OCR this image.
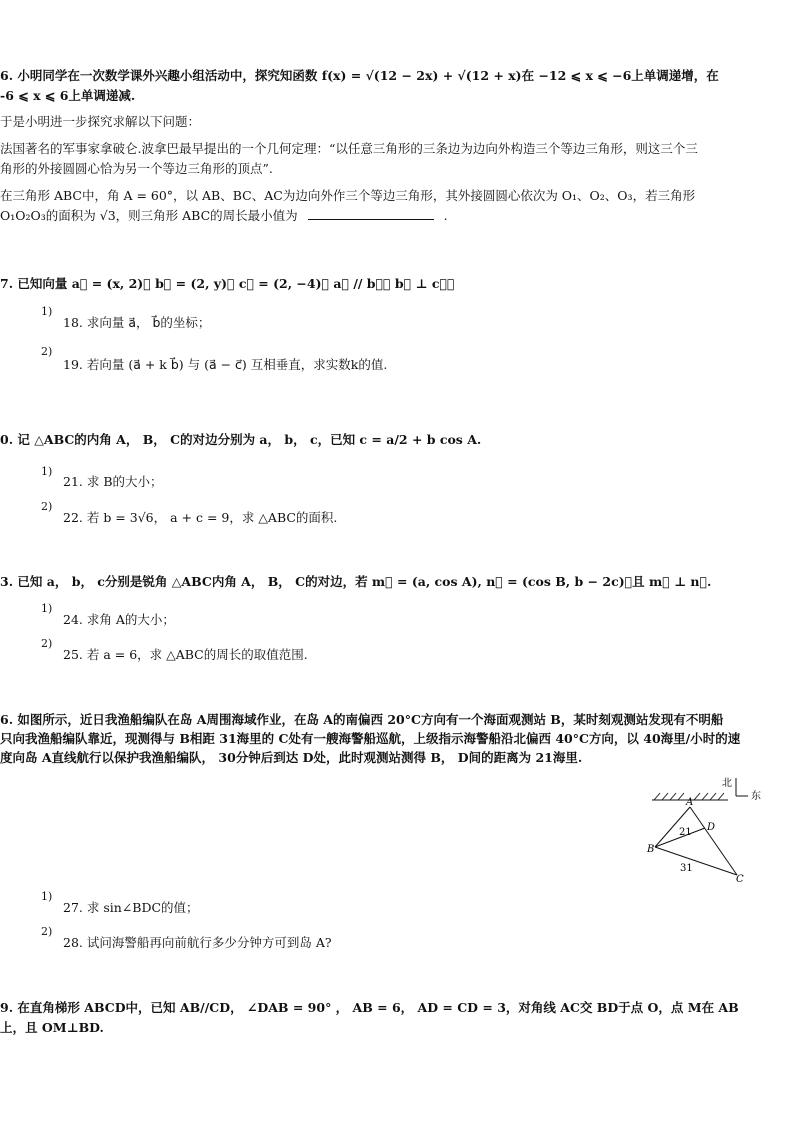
6. 小明同学在一次数学课外兴趣小组活动中，探究知函数 f(x) = √(12 − 2x) + √(12 + x)在 −12 ⩽ x ⩽ −6上单调递增，在
-6 ⩽ x ⩽ 6上单调递减.
于是小明进一步探究求解以下问题：
法国著名的军事家拿破仑.波拿巴最早提出的一个几何定理：“以任意三角形的三条边为边向外构造三个等边三角形，则这三个三
角形的外接圆圆心恰为另一个等边三角形的顶点”.
在三角形 ABC中，角 A = 60°，以 AB、BC、AC为边向外作三个等边三角形，其外接圆圆心依次为 O₁、O₂、O₃，若三角形
O₁O₂O₃的面积为 √3，则三角形 ABC的周长最小值为	.
7. 已知向量 a⃗ = (x, 2)， b⃗ = (2, y)， c⃗ = (2, −4)， a⃗ // b⃗， b⃗ ⊥ c⃗，
1)
18. 求向量 a⃗， b⃗的坐标；
2)
19. 若向量 (a⃗ + k b⃗) 与 (a⃗ − c⃗) 互相垂直，求实数k的值.
0. 记 △ABC的内角 A， B， C的对边分别为 a， b， c，已知 c = a/2 + b cos A.
1)
21. 求 B的大小；
2)
22. 若 b = 3√6， a + c = 9，求 △ABC的面积.
3. 已知 a， b， c分别是锐角 △ABC内角 A， B， C的对边，若 m⃗ = (a, cos A), n⃗ = (cos B, b − 2c)，且 m⃗ ⊥ n⃗.
1)
24. 求角 A的大小；
2)
25. 若 a = 6，求 △ABC的周长的取值范围.
6. 如图所示，近日我渔船编队在岛 A周围海域作业，在岛 A的南偏西 20°C方向有一个海面观测站 B，某时刻观测站发现有不明船
只向我渔船编队靠近，现测得与 B相距 31海里的 C处有一艘海警船巡航，上级指示海警船沿北偏西 40°C方向，以 40海里/小时的速
度向岛 A直线航行以保护我渔船编队， 30分钟后到达 D处，此时观测站测得 B， D间的距离为 21海里.
北
东
A
B
C
D
21
31
1)
27. 求 sin∠BDC的值；
2)
28. 试问海警船再向前航行多少分钟方可到岛 A?
9. 在直角梯形 ABCD中，已知 AB//CD， ∠DAB = 90° ， AB = 6， AD = CD = 3，对角线 AC交 BD于点 O，点 M在 AB
上，且 OM⊥BD.
